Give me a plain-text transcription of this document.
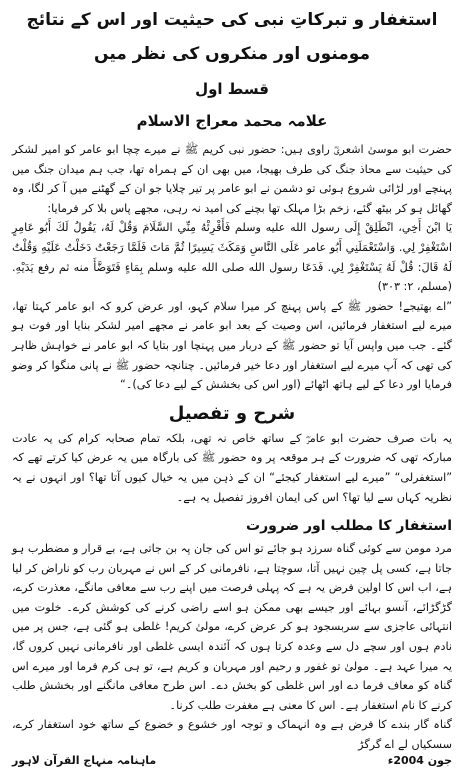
استغفار و تبرکاتِ نبی کی حیثیت اور اس کے نتائج
مومنوں اور منکروں کی نظر میں
قسط اول
علامہ محمد معراج الاسلام

حضرت ابو موسیٰ اشعریؓ راوی ہیں: حضور نبی کریم ﷺ نے میرے چچا ابو عامر کو امیر لشکر کی حیثیت سے محاذ جنگ کی طرف بھیجا، میں بھی ان کے ہمراہ تھا، جب ہم میدان جنگ میں پہنچے اور لڑائی شروع ہوئی تو دشمن نے ابو عامر پر تیر چلایا جو ان کے گھٹنے میں آ کر لگا، وہ گھائل ہو کر بیٹھ گئے، زخم بڑا مہلک تھا بچنے کی امید نہ رہی، مجھے پاس بلا کر فرمایا:

يَا ابْنَ أَخِي، انْطَلِقْ إِلَى رسول الله عليه وسلم فَأَقْرِئْهُ مِنِّي السَّلَامَ وَقُلْ لَهُ، يَقُولُ لَكَ أَبُو عَامِرٍ اسْتَغْفِرْ لِي. وَاسْتَعْمَلَنِي أَبُو عامر عَلَى النَّاسِ وَمَكَثَ يَسِيرًا ثُمَّ مَاتَ فَلَمَّا رَجَعْتُ دَخَلْتُ عَلَيْهِ وَقُلْتُ لَهُ قَالَ: قُلْ لَهُ يَسْتَغْفِرْ لِي. فَدَعَا رسول الله صلى الله عليه وسلم بِمَاءٍ فَتَوَضَّأَ منه ثم رفع يَدَيْهِ. (مسلم، ۲: ۳۰۳)

”اے بھتیجے! حضور ﷺ کے پاس پہنچ کر میرا سلام کہو، اور عرض کرو کہ ابو عامر کہتا تھا، میرے لیے استغفار فرمائیں، اس وصیت کے بعد ابو عامر نے مجھے امیر لشکر بنایا اور فوت ہو گئے۔ جب میں واپس آیا تو حضور ﷺ کے دربار میں پہنچا اور بتایا کہ ابو عامر نے خواہش ظاہر کی تھی کہ آپ میرے لیے استغفار اور دعا خیر فرمائیں۔ چنانچہ حضور ﷺ نے پانی منگوا کر وضو فرمایا اور دعا کے لیے ہاتھ اٹھائے (اور اس کی بخشش کے لیے دعا کی)۔“

شرح و تفصیل

یہ بات صرف حضرت ابو عامرؓ کے ساتھ خاص نہ تھی، بلکہ تمام صحابہ کرام کی یہ عادت مبارکہ تھی کہ ضرورت کے ہر موقعہ پر وہ حضور ﷺ کی بارگاہ میں یہ عرض کیا کرتے تھے کہ ”استغفرلی“ ”میرے لیے استغفار کیجئے“ ان کے ذہن میں یہ خیال کیوں آتا تھا؟ اور انہوں نے یہ نظریہ کہاں سے لیا تھا؟ اس کی ایمان افروز تفصیل یہ ہے۔

استغفار کا مطلب اور ضرورت

مرد مومن سے کوئی گناہ سرزد ہو جائے تو اس کی جان پہ بن جاتی ہے، بے قرار و مضطرب ہو جاتا ہے، کسی پل چین نہیں آتا، سوچتا ہے، نافرمانی کر کے اس نے مہربان رب کو ناراض کر لیا ہے، اب اس کا اولین فرض یہ ہے کہ پہلی فرصت میں اپنے رب سے معافی مانگے، معذرت کرے، گڑگڑائے، آنسو بہائے اور جیسے بھی ممکن ہو اسے راضی کرنے کی کوشش کرے۔ خلوت میں انتہائی عاجزی سے سربسجود ہو کر عرض کرے، مولیٰ کریم! غلطی ہو گئی ہے، جس پر میں نادم ہوں اور سچے دل سے وعدہ کرتا ہوں کہ آئندہ ایسی غلطی اور نافرمانی نہیں کروں گا، یہ میرا عہد ہے۔ مولیٰ تو غفور و رحیم اور مہربان و کریم ہے، تو ہی کرم فرما اور میرے اس گناہ کو معاف فرما دے اور اس غلطی کو بخش دے۔ اس طرح معافی مانگنے اور بخشش طلب کرنے کا نام استغفار ہے۔ اس کا معنی ہے مغفرت طلب کرنا۔

گناہ گار بندے کا فرض ہے وہ انہماک و توجہ اور خشوع و خضوع کے ساتھ خود استغفار کرے، سسکیاں لے اے گرگڑ

جون 2004ء
ماہنامہ منہاج القرآن لاہور
